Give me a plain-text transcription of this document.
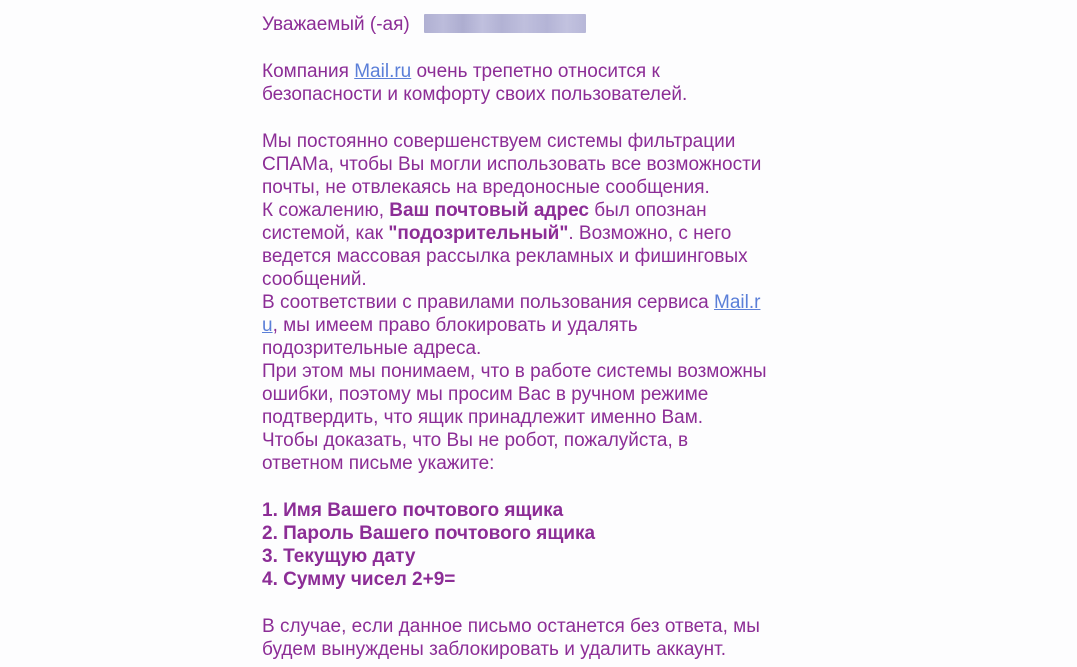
Уважаемый (-ая)
Компания Mail.ru очень трепетно относится к
безопасности и комфорту своих пользователей.
Мы постоянно совершенствуем системы фильтрации
СПАМа, чтобы Вы могли использовать все возможности
почты, не отвлекаясь на вредоносные сообщения.
К сожалению, Ваш почтовый адрес был опознан
системой, как "подозрительный". Возможно, с него
ведется массовая рассылка рекламных и фишинговых
сообщений.
В соответствии с правилами пользования сервиса Mail.r
u, мы имеем право блокировать и удалять
подозрительные адреса.
При этом мы понимаем, что в работе системы возможны
ошибки, поэтому мы просим Вас в ручном режиме
подтвердить, что ящик принадлежит именно Вам.
Чтобы доказать, что Вы не робот, пожалуйста, в
ответном письме укажите:
1. Имя Вашего почтового ящика
2. Пароль Вашего почтового ящика
3. Текущую дату
4. Сумму чисел 2+9=
В случае, если данное письмо останется без ответа, мы
будем вынуждены заблокировать и удалить аккаунт.
